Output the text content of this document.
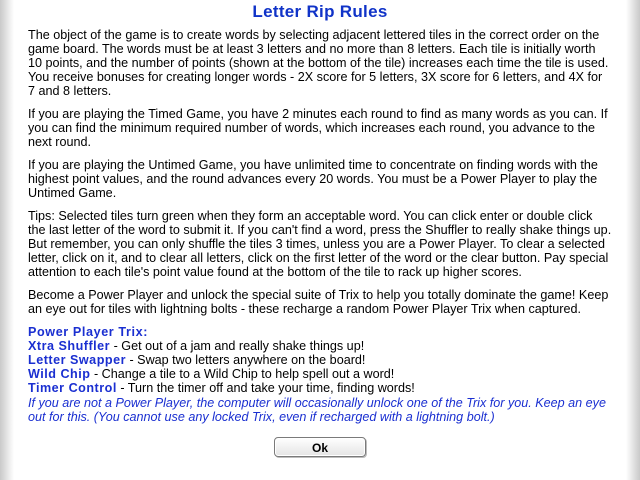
Letter Rip Rules

The object of the game is to create words by selecting adjacent lettered tiles in the correct order on the game board. The words must be at least 3 letters and no more than 8 letters. Each tile is initially worth 10 points, and the number of points (shown at the bottom of the tile) increases each time the tile is used. You receive bonuses for creating longer words - 2X score for 5 letters, 3X score for 6 letters, and 4X for 7 and 8 letters.

If you are playing the Timed Game, you have 2 minutes each round to find as many words as you can. If you can find the minimum required number of words, which increases each round, you advance to the next round.

If you are playing the Untimed Game, you have unlimited time to concentrate on finding words with the highest point values, and the round advances every 20 words. You must be a Power Player to play the Untimed Game.

Tips: Selected tiles turn green when they form an acceptable word. You can click enter or double click the last letter of the word to submit it. If you can't find a word, press the Shuffler to really shake things up. But remember, you can only shuffle the tiles 3 times, unless you are a Power Player. To clear a selected letter, click on it, and to clear all letters, click on the first letter of the word or the clear button. Pay special attention to each tile's point value found at the bottom of the tile to rack up higher scores.

Become a Power Player and unlock the special suite of Trix to help you totally dominate the game! Keep an eye out for tiles with lightning bolts - these recharge a random Power Player Trix when captured.

Power Player Trix:
Xtra Shuffler - Get out of a jam and really shake things up!
Letter Swapper - Swap two letters anywhere on the board!
Wild Chip - Change a tile to a Wild Chip to help spell out a word!
Timer Control - Turn the timer off and take your time, finding words!
If you are not a Power Player, the computer will occasionally unlock one of the Trix for you. Keep an eye out for this. (You cannot use any locked Trix, even if recharged with a lightning bolt.)
Ok
